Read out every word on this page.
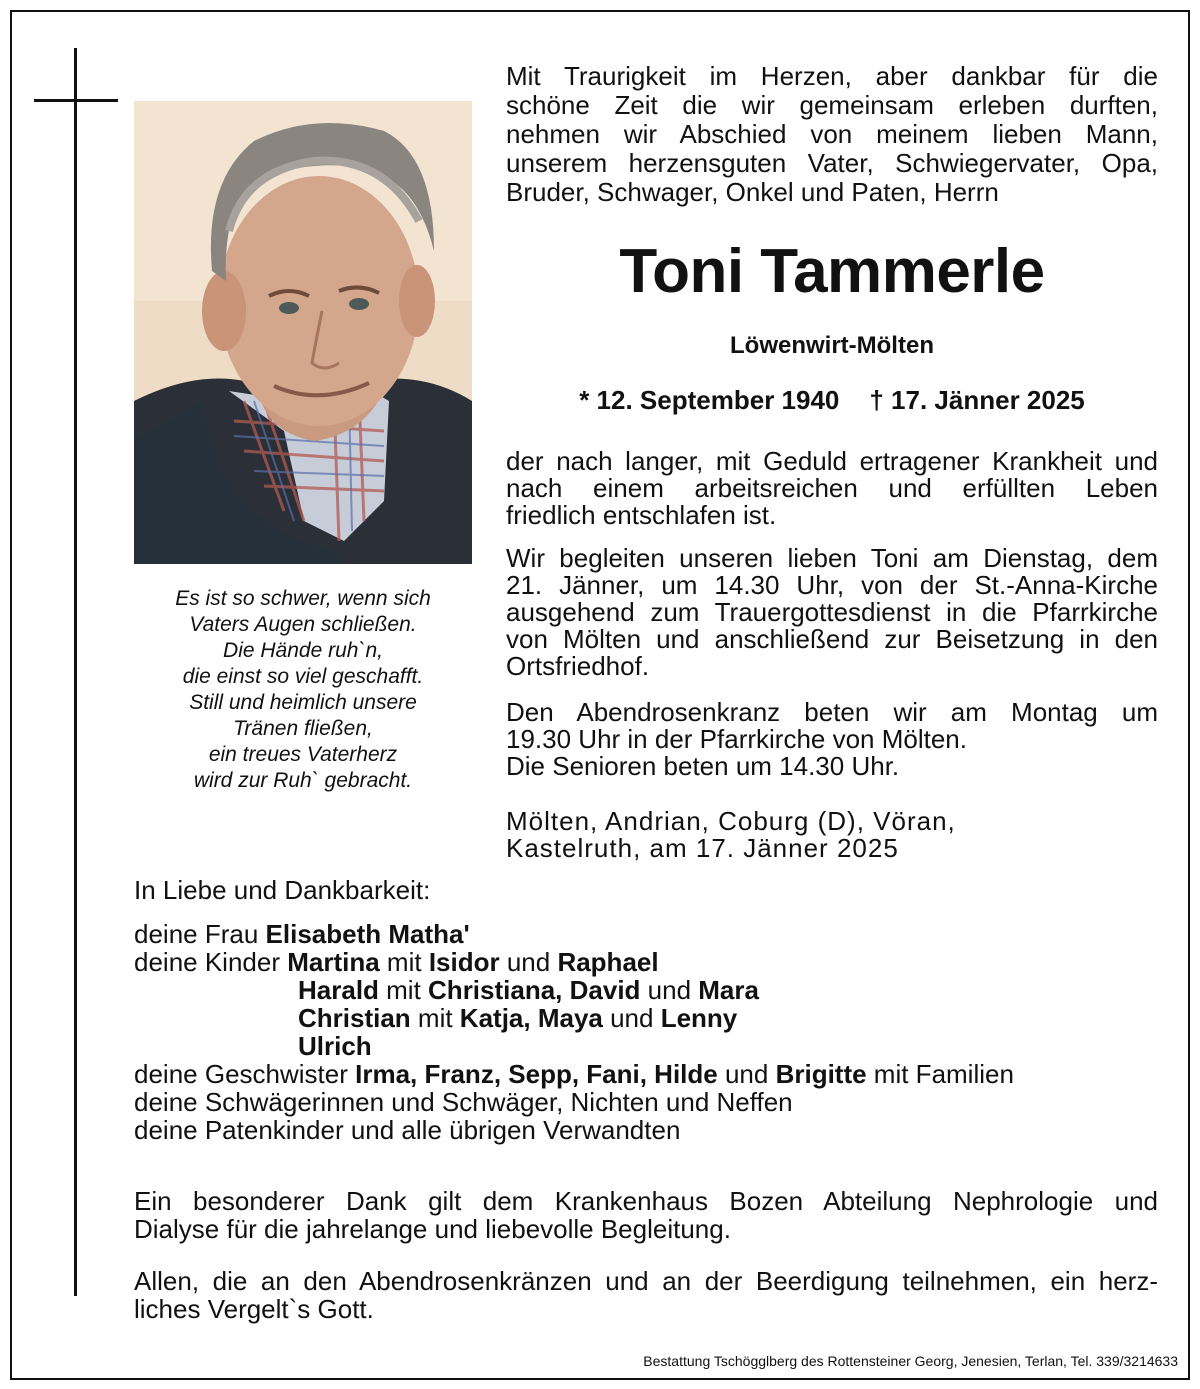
Es ist so schwer, wenn sich
Vaters Augen schließen.
Die Hände ruh`n,
die einst so viel geschafft.
Still und heimlich unsere
Tränen fließen,
ein treues Vaterherz
wird zur Ruh` gebracht.
Mit Traurigkeit im Herzen, aber dankbar für die
schöne Zeit die wir gemeinsam erleben durften,
nehmen wir Abschied von meinem lieben Mann,
unserem herzensguten Vater, Schwiegervater, Opa,
Bruder, Schwager, Onkel und Paten, Herrn
Toni Tammerle
Löwenwirt-Mölten
* 12. September 1940 † 17. Jänner 2025
der nach langer, mit Geduld ertragener Krankheit und
nach einem arbeitsreichen und erfüllten Leben
friedlich entschlafen ist.
Wir begleiten unseren lieben Toni am Dienstag, dem
21. Jänner, um 14.30 Uhr, von der St.-Anna-Kirche
ausgehend zum Trauergottesdienst in die Pfarrkirche
von Mölten und anschließend zur Beisetzung in den
Ortsfriedhof.
Den Abendrosenkranz beten wir am Montag um
19.30 Uhr in der Pfarrkirche von Mölten.
Die Senioren beten um 14.30 Uhr.
Mölten, Andrian, Coburg (D), Vöran,
Kastelruth, am 17. Jänner 2025
In Liebe und Dankbarkeit:
deine Frau Elisabeth Matha'
deine Kinder Martina mit Isidor und Raphael
Harald mit Christiana, David und Mara
Christian mit Katja, Maya und Lenny
Ulrich
deine Geschwister Irma, Franz, Sepp, Fani, Hilde und Brigitte mit Familien
deine Schwägerinnen und Schwäger, Nichten und Neffen
deine Patenkinder und alle übrigen Verwandten
Ein besonderer Dank gilt dem Krankenhaus Bozen Abteilung Nephrologie und
Dialyse für die jahrelange und liebevolle Begleitung.
Allen, die an den Abendrosenkränzen und an der Beerdigung teilnehmen, ein herz-
liches Vergelt`s Gott.
Bestattung Tschögglberg des Rottensteiner Georg, Jenesien, Terlan, Tel. 339/3214633
